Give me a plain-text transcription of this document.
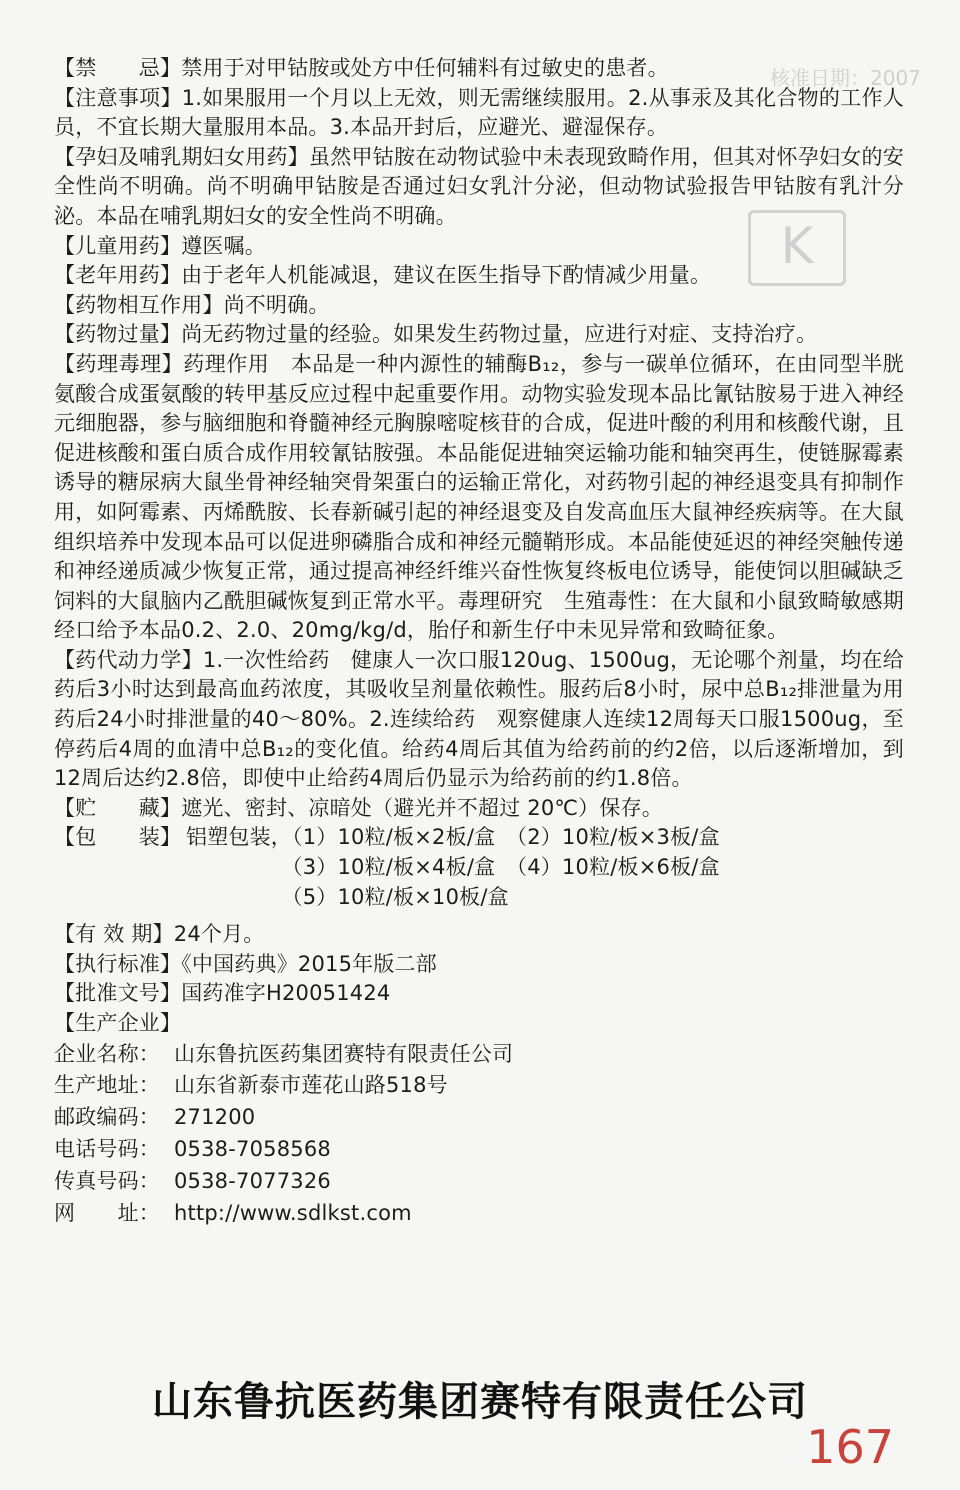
核准日期：2007
K

【禁　　忌】禁用于对甲钴胺或处方中任何辅料有过敏史的患者。

【注意事项】1.如果服用一个月以上无效，则无需继续服用。2.从事汞及其化合物的工作人员，不宜长期大量服用本品。3.本品开封后，应避光、避湿保存。

【孕妇及哺乳期妇女用药】虽然甲钴胺在动物试验中未表现致畸作用，但其对怀孕妇女的安全性尚不明确。尚不明确甲钴胺是否通过妇女乳汁分泌，但动物试验报告甲钴胺有乳汁分泌。本品在哺乳期妇女的安全性尚不明确。

【儿童用药】遵医嘱。

【老年用药】由于老年人机能减退，建议在医生指导下酌情减少用量。

【药物相互作用】尚不明确。

【药物过量】尚无药物过量的经验。如果发生药物过量，应进行对症、支持治疗。

【药理毒理】药理作用　本品是一种内源性的辅酶B₁₂，参与一碳单位循环，在由同型半胱氨酸合成蛋氨酸的转甲基反应过程中起重要作用。动物实验发现本品比氰钴胺易于进入神经元细胞器，参与脑细胞和脊髓神经元胸腺嘧啶核苷的合成，促进叶酸的利用和核酸代谢，且促进核酸和蛋白质合成作用较氰钴胺强。本品能促进轴突运输功能和轴突再生，使链脲霉素诱导的糖尿病大鼠坐骨神经轴突骨架蛋白的运输正常化，对药物引起的神经退变具有抑制作用，如阿霉素、丙烯酰胺、长春新碱引起的神经退变及自发高血压大鼠神经疾病等。在大鼠组织培养中发现本品可以促进卵磷脂合成和神经元髓鞘形成。本品能使延迟的神经突触传递和神经递质减少恢复正常，通过提高神经纤维兴奋性恢复终板电位诱导，能使饲以胆碱缺乏饲料的大鼠脑内乙酰胆碱恢复到正常水平。毒理研究　生殖毒性：在大鼠和小鼠致畸敏感期经口给予本品0.2、2.0、20mg/kg/d，胎仔和新生仔中未见异常和致畸征象。

【药代动力学】1.一次性给药　健康人一次口服120ug、1500ug，无论哪个剂量，均在给药后3小时达到最高血药浓度，其吸收呈剂量依赖性。服药后8小时，尿中总B₁₂排泄量为用药后24小时排泄量的40～80%。2.连续给药　观察健康人连续12周每天口服1500ug，至停药后4周的血清中总B₁₂的变化值。给药4周后其值为给药前的约2倍，以后逐渐增加，到12周后达约2.8倍，即使中止给药4周后仍显示为给药前的约1.8倍。

【贮　　藏】遮光、密封、凉暗处（避光并不超过 20℃）保存。

【包　　装】 铝塑包装，（1）10粒/板×2板/盒　（2）10粒/板×3板/盒
　　　　　（3）10粒/板×4板/盒　（4）10粒/板×6板/盒
　　　　　（5）10粒/板×10板/盒

【有 效 期】24个月。

【执行标准】《中国药典》2015年版二部

【批准文号】国药准字H20051424

【生产企业】

企业名称： 山东鲁抗医药集团赛特有限责任公司
生产地址： 山东省新泰市莲花山路518号
邮政编码： 271200
电话号码： 0538-7058568
传真号码： 0538-7077326
网　　址： http://www.sdlkst.com
山东鲁抗医药集团赛特有限责任公司
167
